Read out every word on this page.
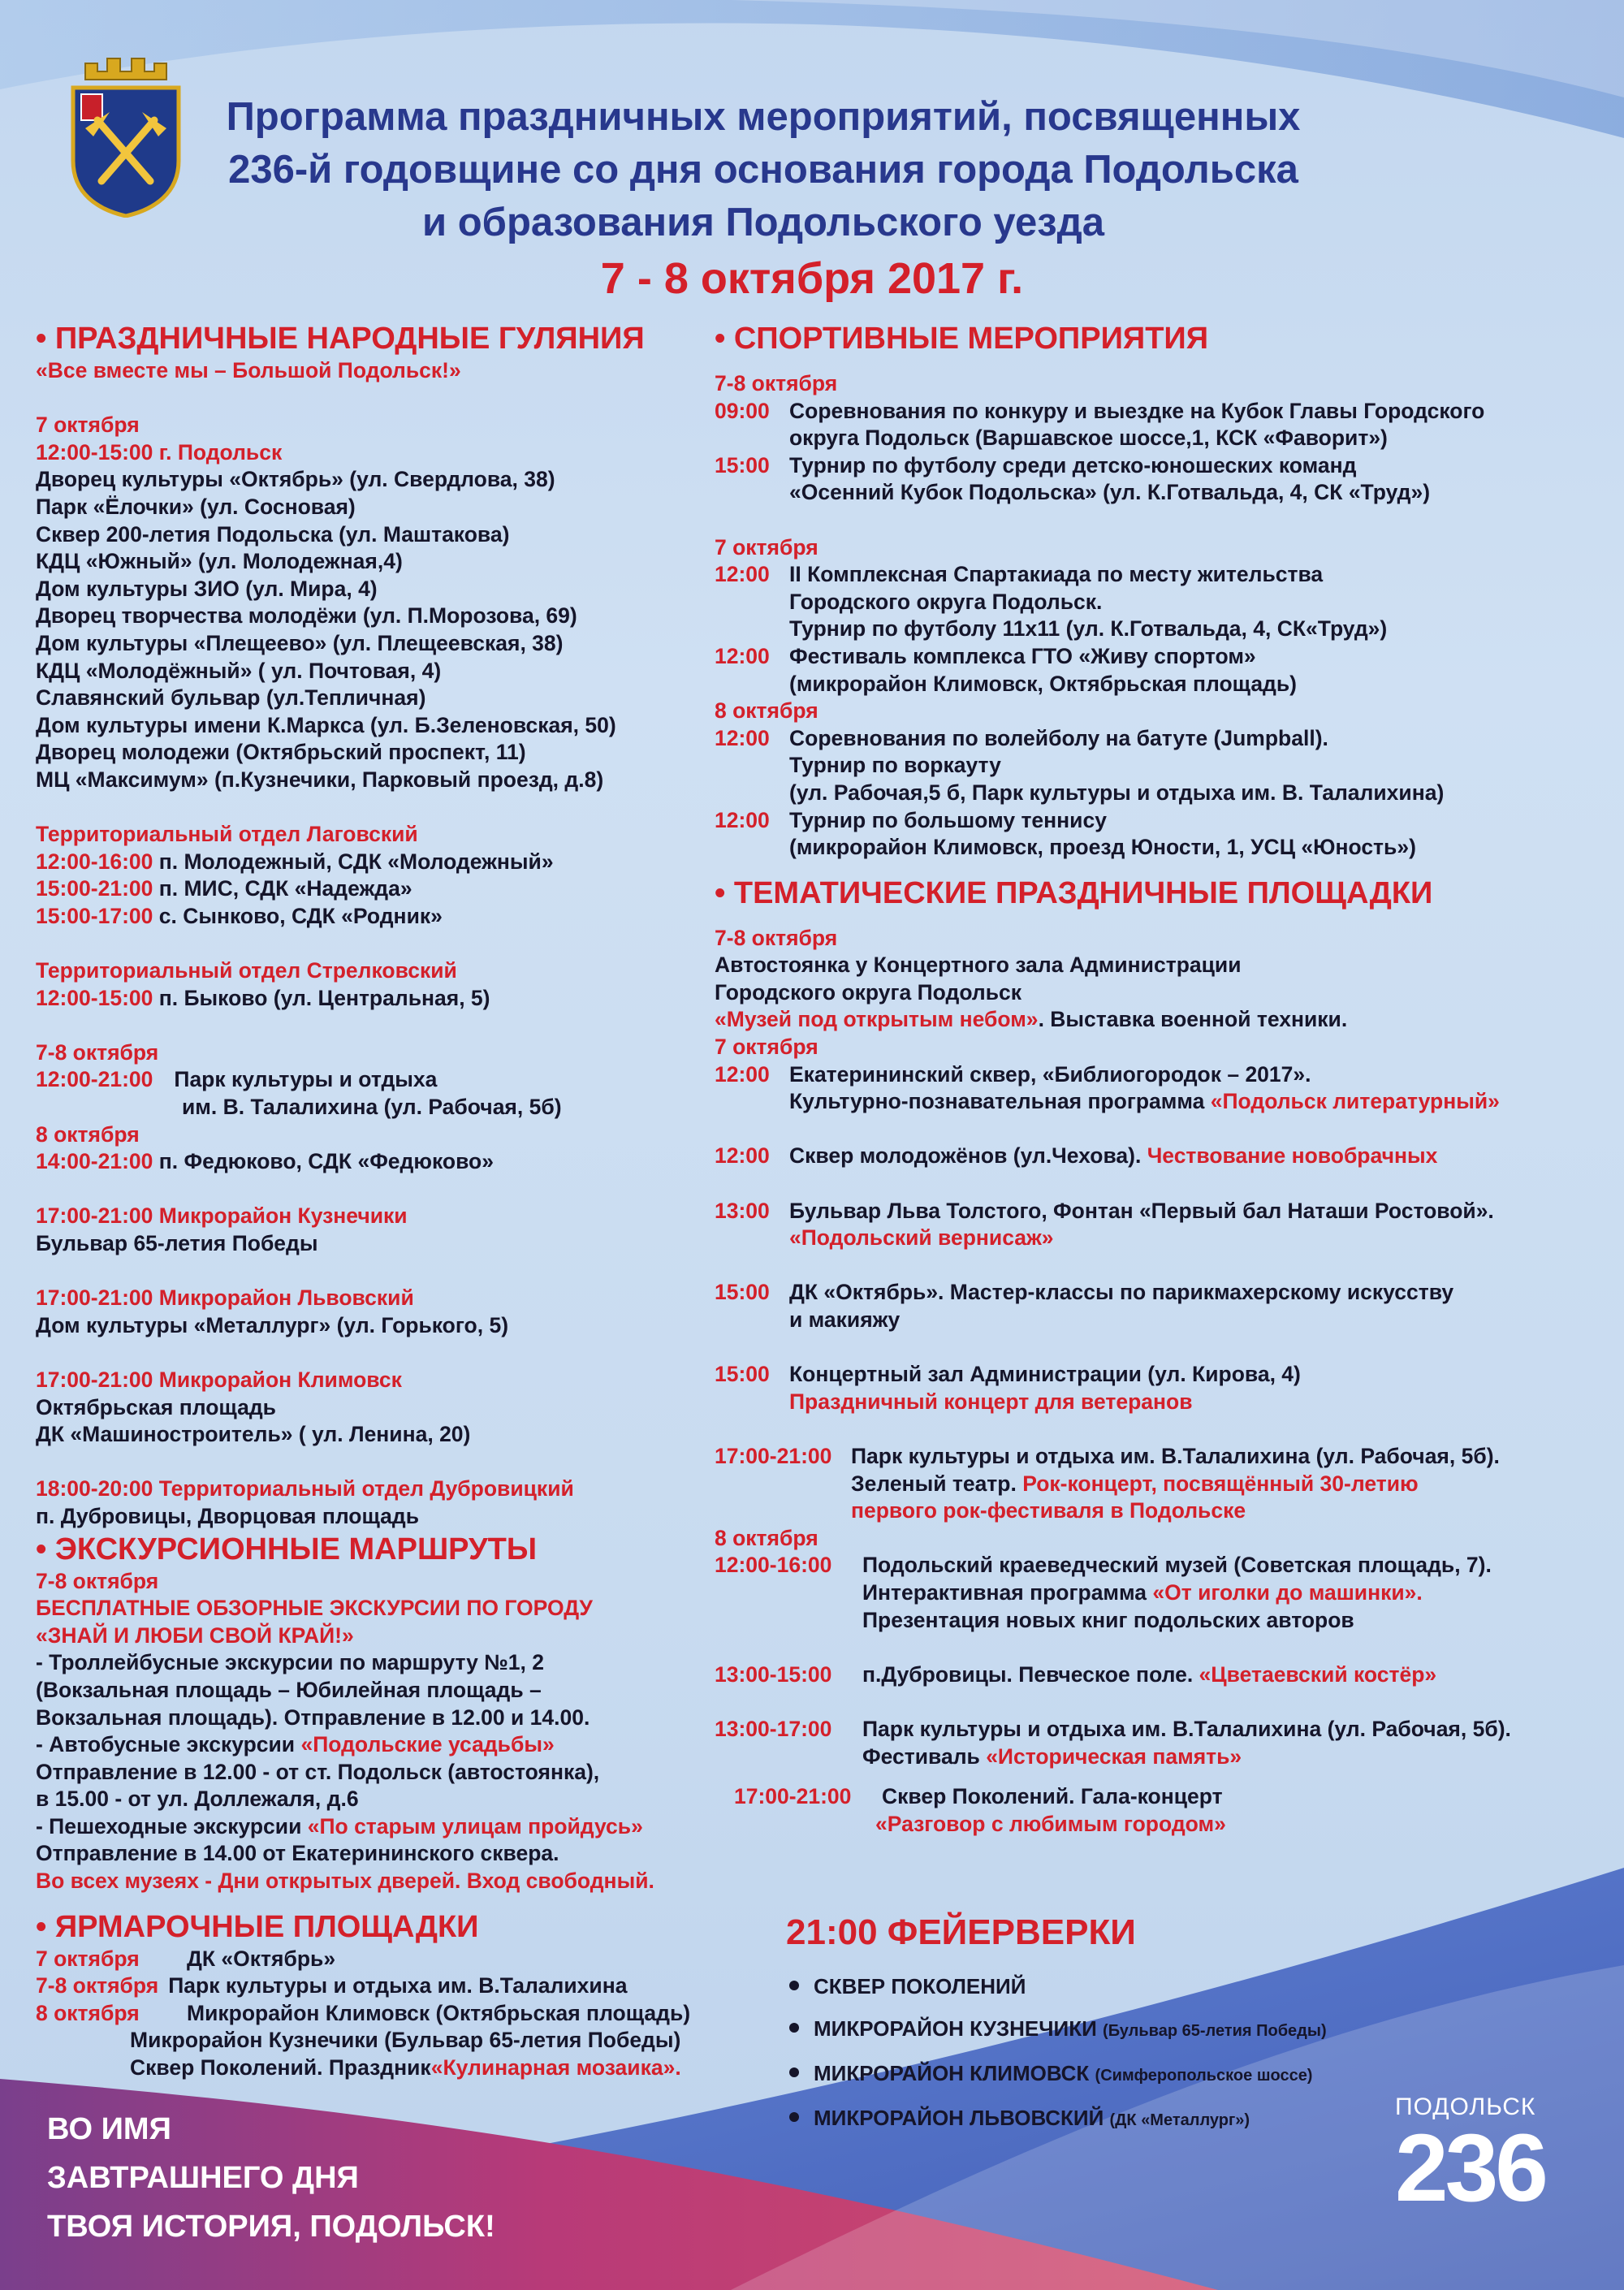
Программа праздничных мероприятий, посвященных
236-й годовщине со дня основания города Подольска
и образования Подольского уезда
7 - 8 октября 2017 г.
• ПРАЗДНИЧНЫЕ НАРОДНЫЕ ГУЛЯНИЯ
«Все вместе мы – Большой Подольск!»
7 октября
12:00-15:00 г. Подольск
Дворец культуры «Октябрь» (ул. Свердлова, 38)
Парк «Ёлочки» (ул. Сосновая)
Сквер 200-летия Подольска (ул. Маштакова)
КДЦ «Южный» (ул. Молодежная,4)
Дом культуры ЗИО (ул. Мира, 4)
Дворец творчества молодёжи (ул. П.Морозова, 69)
Дом культуры «Плещеево» (ул. Плещеевская, 38)
КДЦ «Молодёжный» ( ул. Почтовая, 4)
Славянский бульвар (ул.Тепличная)
Дом культуры имени К.Маркса (ул. Б.Зеленовская, 50)
Дворец молодежи (Октябрьский проспект, 11)
МЦ «Максимум» (п.Кузнечики, Парковый проезд, д.8)
Территориальный отдел Лаговский
12:00-16:00 п. Молодежный, СДК «Молодежный»
15:00-21:00 п. МИС, СДК «Надежда»
15:00-17:00 с. Сынково, СДК «Родник»
Территориальный отдел Стрелковский
12:00-15:00 п. Быково (ул. Центральная, 5)
7-8 октября
12:00-21:00 Парк культуры и отдыха
им. В. Талалихина (ул. Рабочая, 5б)
8 октября
14:00-21:00 п. Федюково, СДК «Федюково»
17:00-21:00 Микрорайон Кузнечики
Бульвар 65-летия Победы
17:00-21:00 Микрорайон Львовский
Дом культуры «Металлург» (ул. Горького, 5)
17:00-21:00 Микрорайон Климовск
Октябрьская площадь
ДК «Машиностроитель» ( ул. Ленина, 20)
18:00-20:00 Территориальный отдел Дубровицкий
п. Дубровицы, Дворцовая площадь
• ЭКСКУРСИОННЫЕ МАРШРУТЫ
7-8 октября
БЕСПЛАТНЫЕ ОБЗОРНЫЕ ЭКСКУРСИИ ПО ГОРОДУ
«ЗНАЙ И ЛЮБИ СВОЙ КРАЙ!»
- Троллейбусные экскурсии по маршруту №1, 2
(Вокзальная площадь – Юбилейная площадь –
Вокзальная площадь). Отправление в 12.00 и 14.00.
- Автобусные экскурсии «Подольские усадьбы»
Отправление в 12.00 - от ст. Подольск (автостоянка),
в 15.00 - от ул. Доллежаля, д.6
- Пешеходные экскурсии «По старым улицам пройдусь»
Отправление в 14.00 от Екатерининского сквера.
Во всех музеях - Дни открытых дверей. Вход свободный.
• ЯРМАРОЧНЫЕ ПЛОЩАДКИ
7 октября ДК «Октябрь»
7-8 октября Парк культуры и отдыха им. В.Талалихина
8 октября Микрорайон Климовск (Октябрьская площадь)
Микрорайон Кузнечики (Бульвар 65-летия Победы)
Сквер Поколений. Праздник«Кулинарная мозаика».
• СПОРТИВНЫЕ МЕРОПРИЯТИЯ
7-8 октября
09:00 Соревнования по конкуру и выездке на Кубок Главы Городского
округа Подольск (Варшавское шоссе,1, КСК «Фаворит»)
15:00 Турнир по футболу среди детско-юношеских команд
«Осенний Кубок Подольска» (ул. К.Готвальда, 4, СК «Труд»)
7 октября
12:00 II Комплексная Спартакиада по месту жительства
Городского округа Подольск.
Турнир по футболу 11х11 (ул. К.Готвальда, 4, СК«Труд»)
12:00 Фестиваль комплекса ГТО «Живу спортом»
(микрорайон Климовск, Октябрьская площадь)
8 октября
12:00 Соревнования по волейболу на батуте (Jumpball).
Турнир по воркауту
(ул. Рабочая,5 б, Парк культуры и отдыха им. В. Талалихина)
12:00 Турнир по большому теннису
(микрорайон Климовск, проезд Юности, 1, УСЦ «Юность»)
• ТЕМАТИЧЕСКИЕ ПРАЗДНИЧНЫЕ ПЛОЩАДКИ
7-8 октября
Автостоянка у Концертного зала Администрации
Городского округа Подольск
«Музей под открытым небом». Выставка военной техники.
7 октября
12:00 Екатерининский сквер, «Библиогородок – 2017».
Культурно-познавательная программа «Подольск литературный»
12:00 Сквер молодожёнов (ул.Чехова). Чествование новобрачных
13:00 Бульвар Льва Толстого, Фонтан «Первый бал Наташи Ростовой».
«Подольский вернисаж»
15:00 ДК «Октябрь». Мастер-классы по парикмахерскому искусству
и макияжу
15:00 Концертный зал Администрации (ул. Кирова, 4)
Праздничный концерт для ветеранов
17:00-21:00 Парк культуры и отдыха им. В.Талалихина (ул. Рабочая, 5б).
Зеленый театр. Рок-концерт, посвящённый 30-летию
первого рок-фестиваля в Подольске
8 октября
12:00-16:00 Подольский краеведческий музей (Советская площадь, 7).
Интерактивная программа «От иголки до машинки».
Презентация новых книг подольских авторов
13:00-15:00 п.Дубровицы. Певческое поле. «Цветаевский костёр»
13:00-17:00 Парк культуры и отдыха им. В.Талалихина (ул. Рабочая, 5б).
Фестиваль «Историческая память»
17:00-21:00 Сквер Поколений. Гала-концерт
«Разговор с любимым городом»
21:00 ФЕЙЕРВЕРКИ
СКВЕР ПОКОЛЕНИЙ
МИКРОРАЙОН КУЗНЕЧИКИ (Бульвар 65-летия Победы)
МИКРОРАЙОН КЛИМОВСК (Симферопольское шоссе)
МИКРОРАЙОН ЛЬВОВСКИЙ (ДК «Металлург»)
ВО ИМЯ
ЗАВТРАШНЕГО ДНЯ
ТВОЯ ИСТОРИЯ, ПОДОЛЬСК!
ПОДОЛЬСК
236
